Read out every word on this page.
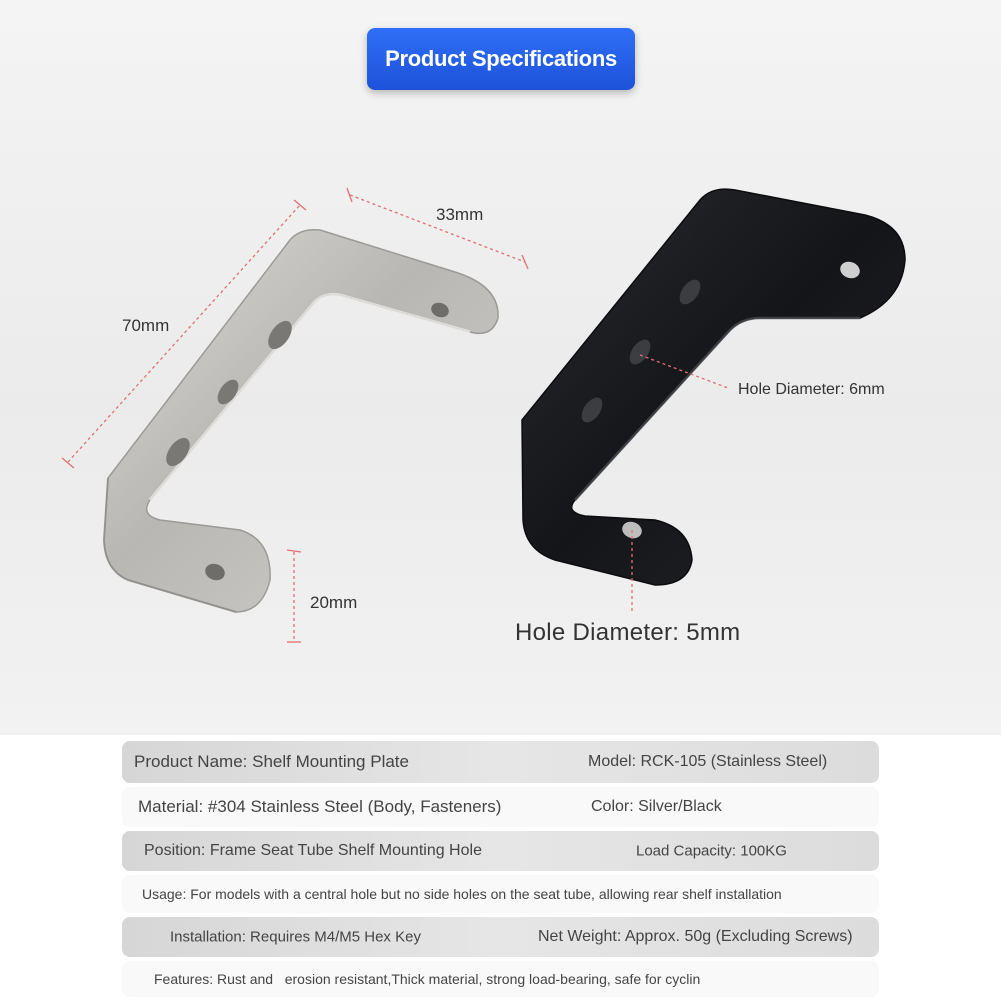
Product Specifications
33mm
70mm
20mm
Hole Diameter: 6mm
Hole Diameter: 5mm
Product Name: Shelf Mounting Plate	Model: RCK-105 (Stainless Steel)
Material: #304 Stainless Steel (Body, Fasteners)	Color: Silver/Black
Position: Frame Seat Tube Shelf Mounting Hole	Load Capacity: 100KG
Usage: For models with a central hole but no side holes on the seat tube, allowing rear shelf installation
Installation: Requires M4/M5 Hex Key	Net Weight: Approx. 50g (Excluding Screws)
Features: Rust and   erosion resistant,Thick material, strong load-bearing, safe for cyclin
